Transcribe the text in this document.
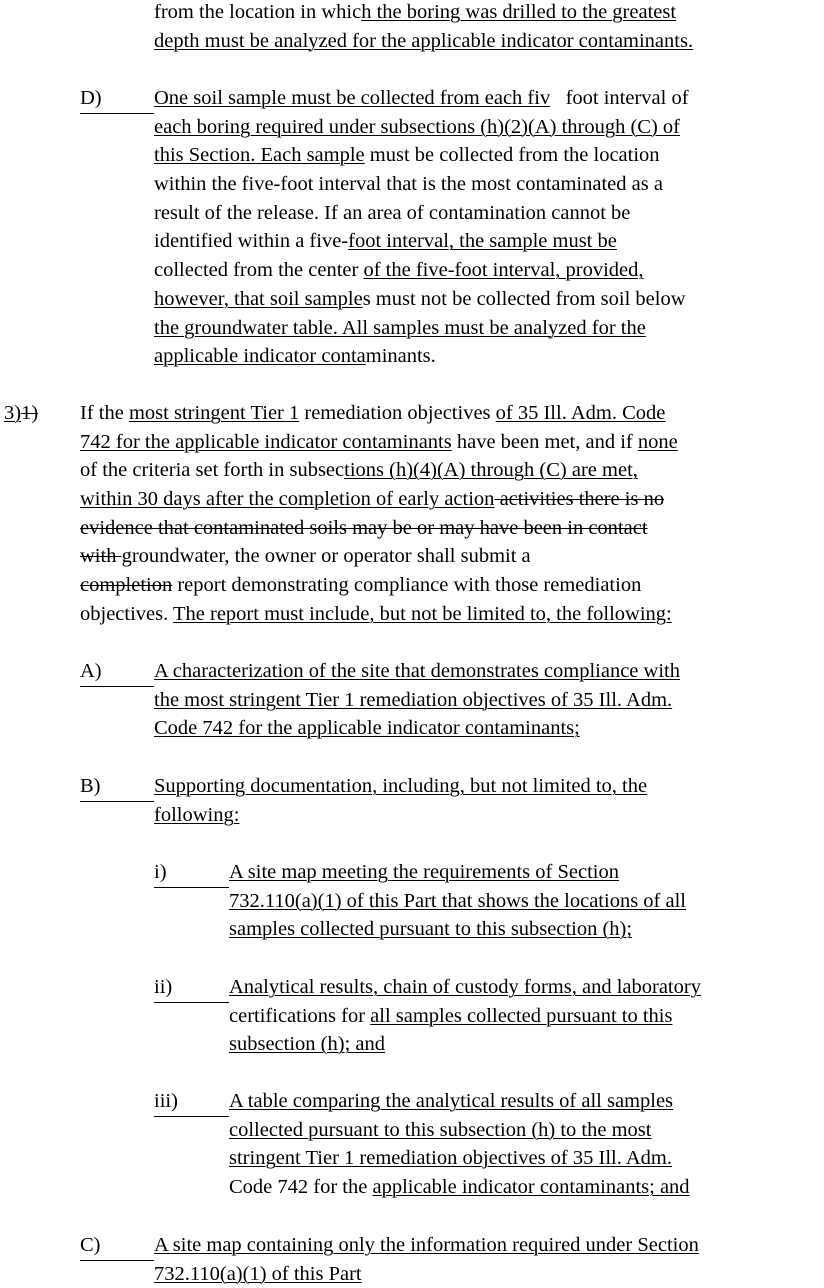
from the location in which the boring was drilled to the greatest
depth must be analyzed for the applicable indicator contaminants.
D)	One soil sample must be collected from each fiv   foot interval of
each boring required under subsections (h)(2)(A) through (C) of
this Section. Each sample must be collected from the location
within the five-foot interval that is the most contaminated as a
result of the release. If an area of contamination cannot be
identified within a five-foot interval, the sample must be
collected from the center of the five-foot interval, provided,
however, that soil samples must not be collected from soil below
the groundwater table. All samples must be analyzed for the
applicable indicator contaminants.
3)1)	If the most stringent Tier 1 remediation objectives of 35 Ill. Adm. Code
742 for the applicable indicator contaminants have been met, and if none
of the criteria set forth in subsections (h)(4)(A) through (C) are met,
within 30 days after the completion of early action activities there is no
evidence that contaminated soils may be or may have been in contact
with groundwater, the owner or operator shall submit a
completion report demonstrating compliance with those remediation
objectives. The report must include, but not be limited to, the following:
A)	A characterization of the site that demonstrates compliance with
the most stringent Tier 1 remediation objectives of 35 Ill. Adm.
Code 742 for the applicable indicator contaminants;
B)	Supporting documentation, including, but not limited to, the
following:
i)	A site map meeting the requirements of Section
732.110(a)(1) of this Part that shows the locations of all
samples collected pursuant to this subsection (h);
ii)	Analytical results, chain of custody forms, and laboratory
certifications for all samples collected pursuant to this
subsection (h); and
iii)	A table comparing the analytical results of all samples
collected pursuant to this subsection (h) to the most
stringent Tier 1 remediation objectives of 35 Ill. Adm.
Code 742 for the applicable indicator contaminants; and
C)	A site map containing only the information required under Section
732.110(a)(1) of this Part
